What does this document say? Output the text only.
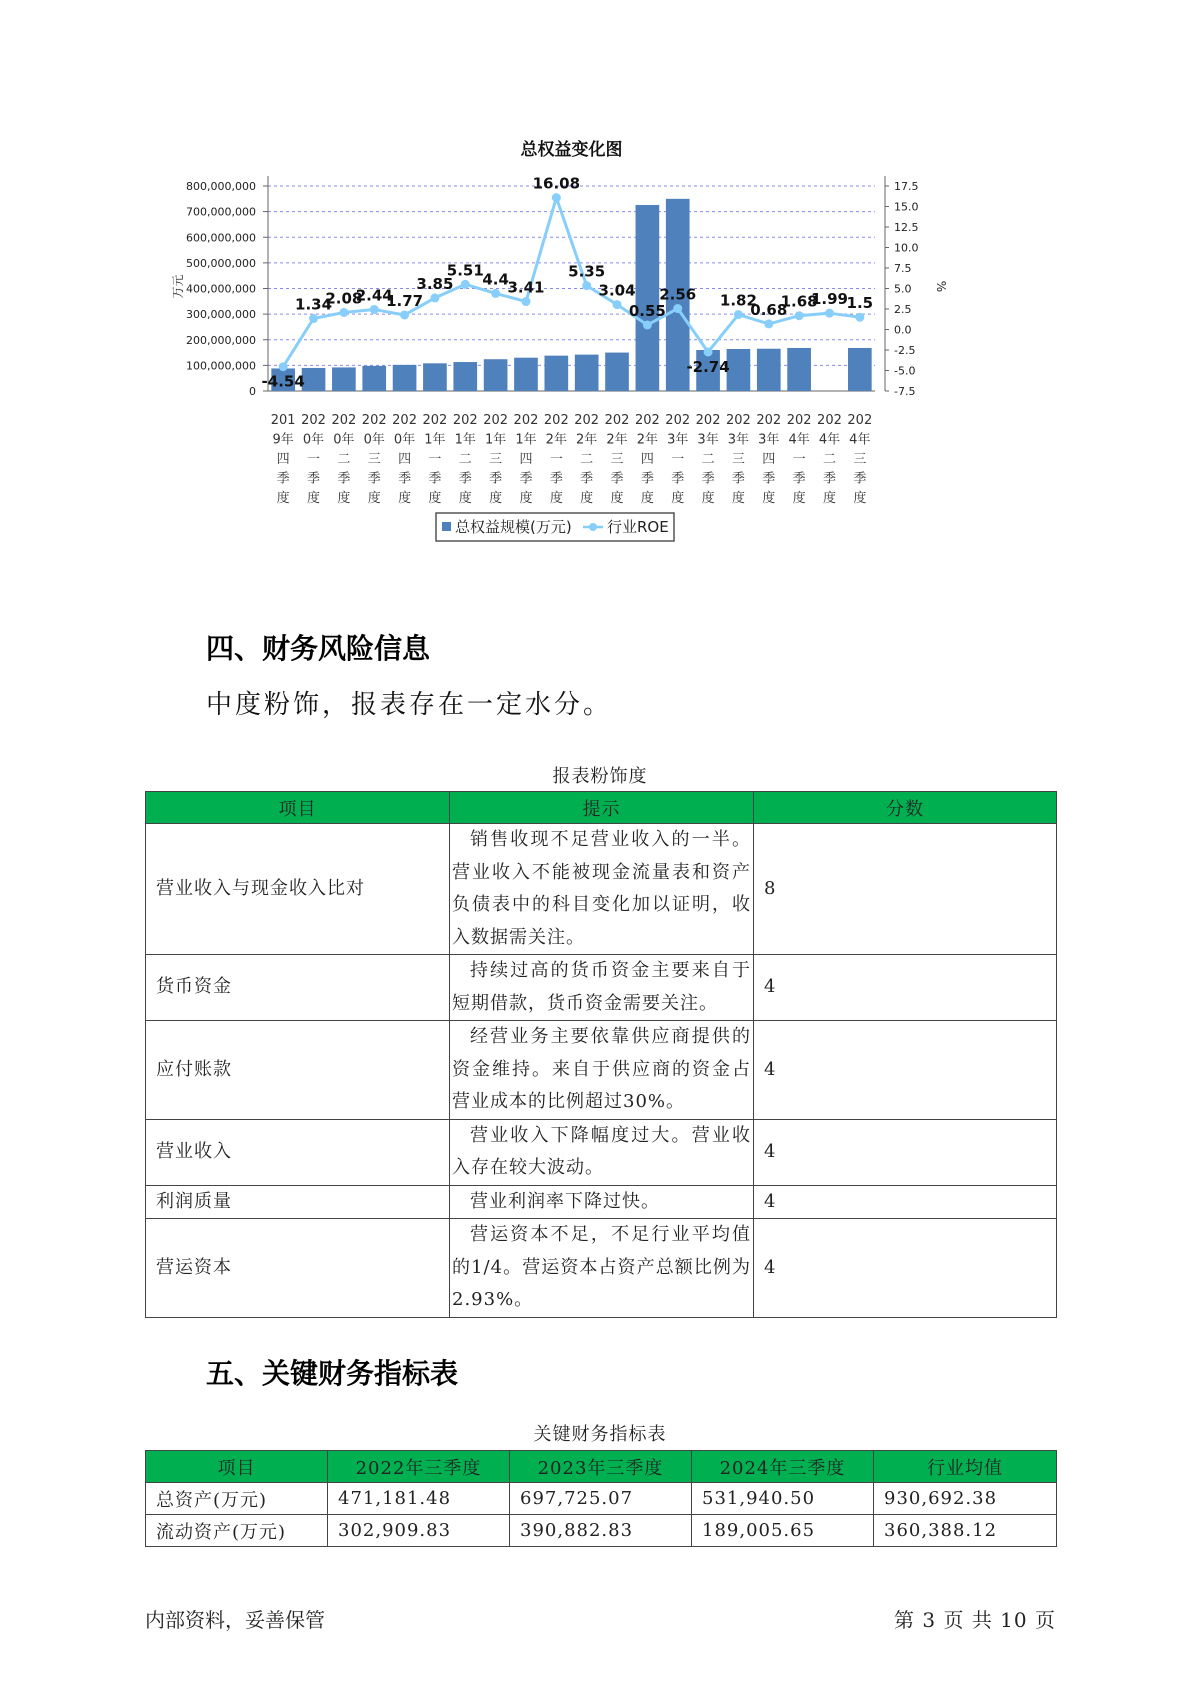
总权益变化图
800,000,000
700,000,000
600,000,000
500,000,000
400,000,000
300,000,000
200,000,000
100,000,000
0
17.5
15.0
12.5
10.0
7.5
5.0
2.5
0.0
-2.5
-5.0
-7.5
万元	%
-4.54
1.34
2.08
2.44
1.77
3.85
5.51
4.4
3.41
16.08
5.35
3.04
0.55
2.56
-2.74
1.82
0.68
1.68
1.99
1.5
201
9年
四
季
度
202
0年
一
季
度
202
0年
二
季
度
202
0年
三
季
度
202
0年
四
季
度
202
1年
一
季
度
202
1年
二
季
度
202
1年
三
季
度
202
1年
四
季
度
202
2年
一
季
度
202
2年
二
季
度
202
2年
三
季
度
202
2年
四
季
度
202
3年
一
季
度
202
3年
二
季
度
202
3年
三
季
度
202
3年
四
季
度
202
4年
一
季
度
202
4年
二
季
度
202
4年
三
季
度
总权益规模(万元) 行业ROE
四、财务风险信息

中度粉饰，报表存在一定水分。

报表粉饰度
项目	提示	分数
营业收入与现金收入比对	销售收现不足营业收入的一半。营业收入不能被现金流量表和资产负债表中的科目变化加以证明，收入数据需关注。	8
货币资金	持续过高的货币资金主要来自于短期借款，货币资金需要关注。	4
应付账款	经营业务主要依靠供应商提供的资金维持。来自于供应商的资金占营业成本的比例超过30%。	4
营业收入	营业收入下降幅度过大。营业收入存在较大波动。	4
利润质量	营业利润率下降过快。	4
营运资本	营运资本不足，不足行业平均值的1/4。营运资本占资产总额比例为2.93%。	4
五、关键财务指标表
关键财务指标表
项目	2022年三季度	2023年三季度	2024年三季度	行业均值
总资产(万元)	471,181.48	697,725.07	531,940.50	930,692.38
流动资产(万元)	302,909.83	390,882.83	189,005.65	360,388.12
内部资料，妥善保管	第 3 页 共 10 页
